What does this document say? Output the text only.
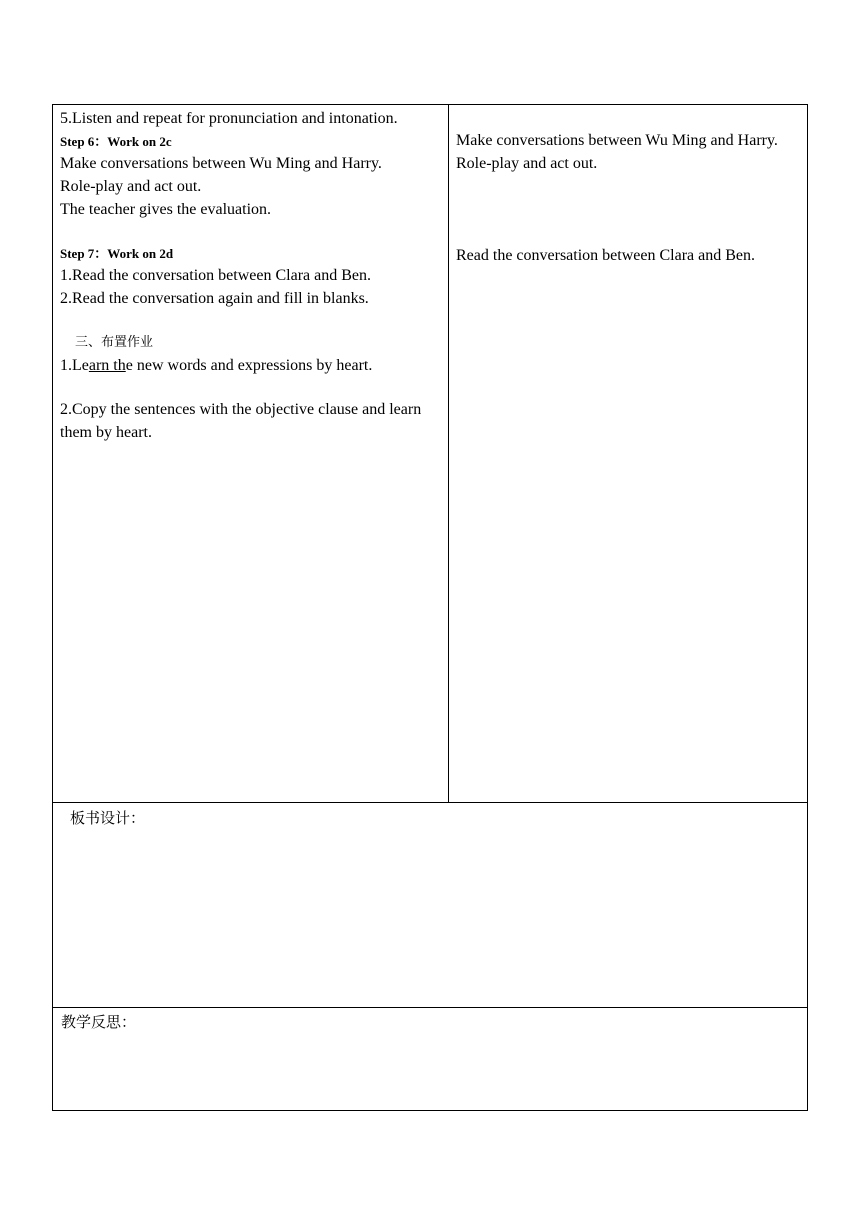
5.Listen and repeat for pronunciation and intonation.
Step 6：Work on 2c
Make conversations between Wu Ming and Harry.
Role-play and act out.
The teacher gives the evaluation.
Step 7：Work on 2d
1.Read the conversation between Clara and Ben.
2.Read the conversation again and fill in blanks.
三、布置作业
1.Learn the new words and expressions by heart.
2.Copy the sentences with the objective clause and learn them by heart.

Make conversations between Wu Ming and Harry.
Role-play and act out.
Read the conversation between Clara and Ben.

板书设计：

教学反思：
